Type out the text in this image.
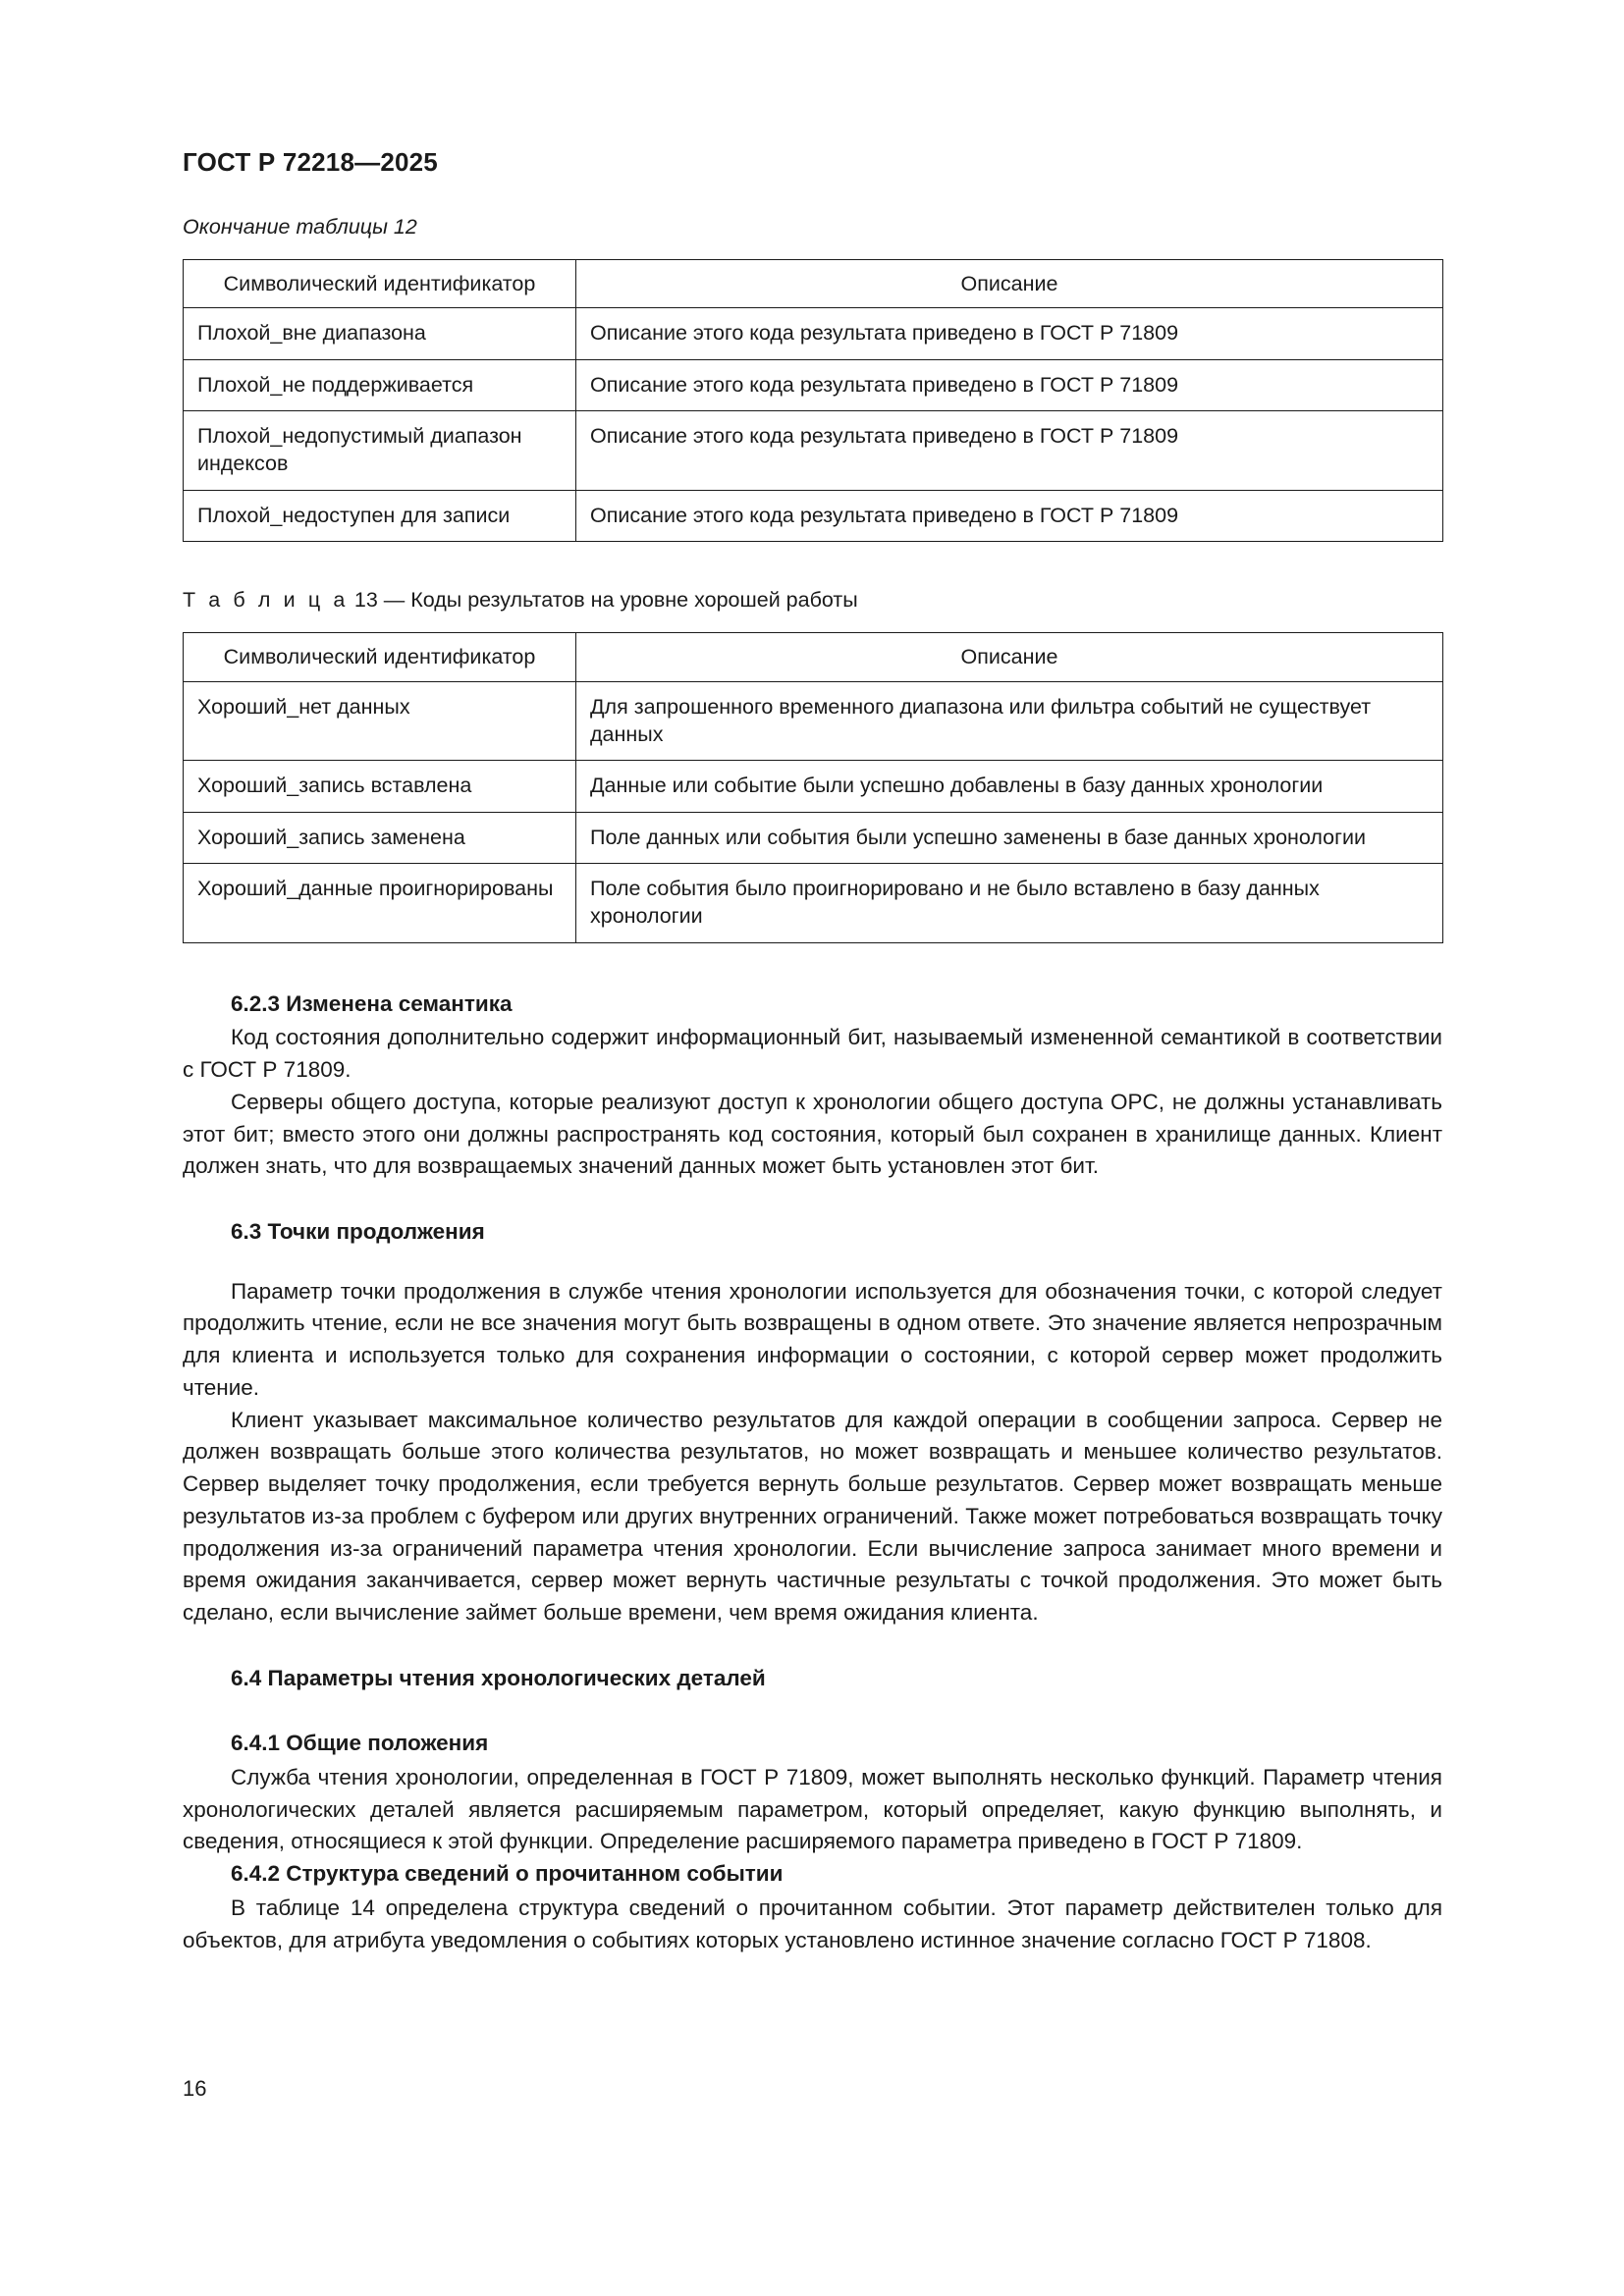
ГОСТ Р 72218—2025
Окончание таблицы 12
Символический идентификатор	Описание
Плохой_вне диапазона	Описание этого кода результата приведено в ГОСТ Р 71809
Плохой_не поддерживается	Описание этого кода результата приведено в ГОСТ Р 71809
Плохой_недопустимый диапазон индексов	Описание этого кода результата приведено в ГОСТ Р 71809
Плохой_недоступен для записи	Описание этого кода результата приведено в ГОСТ Р 71809
Т а б л и ц а 13 — Коды результатов на уровне хорошей работы
Символический идентификатор	Описание
Хороший_нет данных	Для запрошенного временного диапазона или фильтра событий не существует данных
Хороший_запись вставлена	Данные или событие были успешно добавлены в базу данных хронологии
Хороший_запись заменена	Поле данных или события были успешно заменены в базе данных хронологии
Хороший_данные проигнорированы	Поле события было проигнорировано и не было вставлено в базу данных хронологии
6.2.3 Изменена семантика

Код состояния дополнительно содержит информационный бит, называемый измененной семантикой в соответствии с ГОСТ Р 71809.

Серверы общего доступа, которые реализуют доступ к хронологии общего доступа OPC, не должны устанавливать этот бит; вместо этого они должны распространять код состояния, который был сохранен в хранилище данных. Клиент должен знать, что для возвращаемых значений данных может быть установлен этот бит.

6.3 Точки продолжения

Параметр точки продолжения в службе чтения хронологии используется для обозначения точки, с которой следует продолжить чтение, если не все значения могут быть возвращены в одном ответе. Это значение является непрозрачным для клиента и используется только для сохранения информации о состоянии, с которой сервер может продолжить чтение.

Клиент указывает максимальное количество результатов для каждой операции в сообщении запроса. Сервер не должен возвращать больше этого количества результатов, но может возвращать и меньшее количество результатов. Сервер выделяет точку продолжения, если требуется вернуть больше результатов. Сервер может возвращать меньше результатов из-за проблем с буфером или других внутренних ограничений. Также может потребоваться возвращать точку продолжения из-за ограничений параметра чтения хронологии. Если вычисление запроса занимает много времени и время ожидания заканчивается, сервер может вернуть частичные результаты с точкой продолжения. Это может быть сделано, если вычисление займет больше времени, чем время ожидания клиента.

6.4 Параметры чтения хронологических деталей
6.4.1 Общие положения

Служба чтения хронологии, определенная в ГОСТ Р 71809, может выполнять несколько функций. Параметр чтения хронологических деталей является расширяемым параметром, который определяет, какую функцию выполнять, и сведения, относящиеся к этой функции. Определение расширяемого параметра приведено в ГОСТ Р 71809.

6.4.2 Структура сведений о прочитанном событии

В таблице 14 определена структура сведений о прочитанном событии. Этот параметр действителен только для объектов, для атрибута уведомления о событиях которых установлено истинное значение согласно ГОСТ Р 71808.

16
